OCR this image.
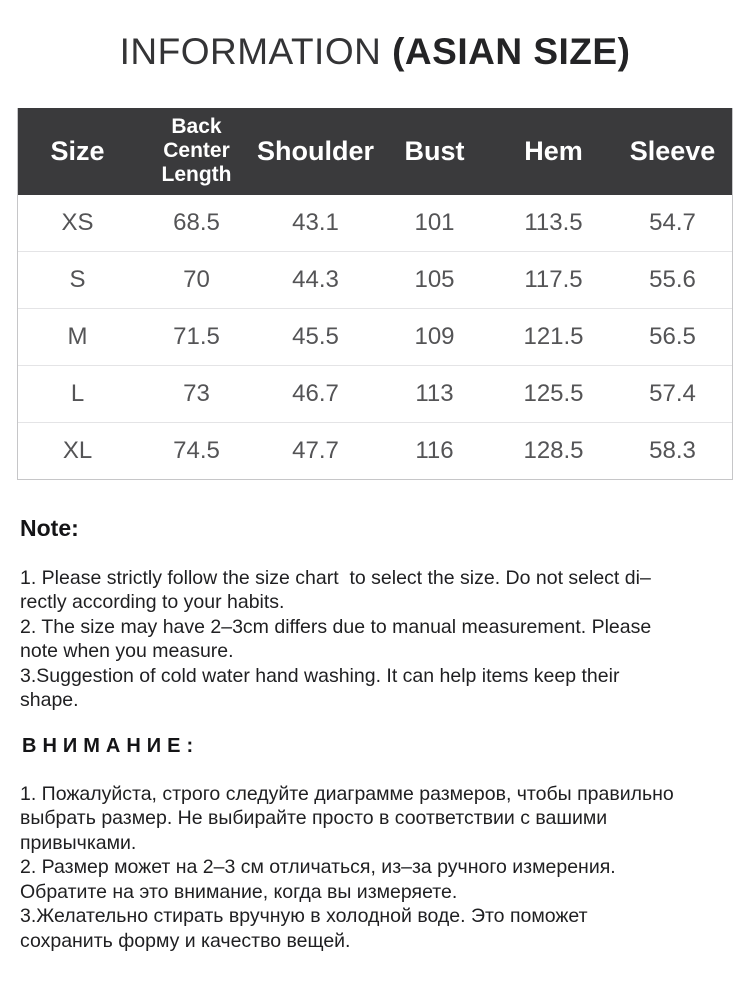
INFORMATION (ASIAN SIZE)
Size	Back Center Length	Shoulder	Bust	Hem	Sleeve
XS	68.5	43.1	101	113.5	54.7
S	70	44.3	105	117.5	55.6
M	71.5	45.5	109	121.5	56.5
L	73	46.7	113	125.5	57.4
XL	74.5	47.7	116	128.5	58.3
Note:
1. Please strictly follow the size chart  to select the size. Do not select di–
rectly according to your habits.
2. The size may have 2–3cm differs due to manual measurement. Please
note when you measure.
3.Suggestion of cold water hand washing. It can help items keep their
shape.
ВНИМАНИЕ:
1. Пожалуйста, строго следуйте диаграмме размеров, чтобы правильно
выбрать размер. Не выбирайте просто в соответствии с вашими
привычками.
2. Размер может на 2–3 см отличаться, из–за ручного измерения.
Обратите на это внимание, когда вы измеряете.
3.Желательно стирать вручную в холодной воде. Это поможет
сохранить форму и качество вещей.
